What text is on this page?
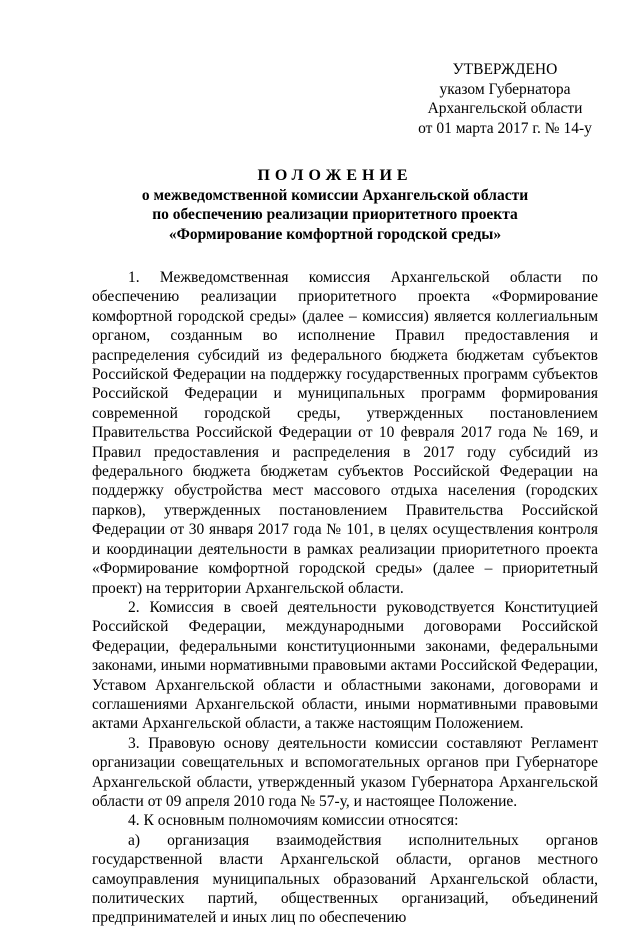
УТВЕРЖДЕНО
указом Губернатора
Архангельской области
от 01 марта 2017 г. № 14-у
ПОЛОЖЕНИЕ
о межведомственной комиссии Архангельской области
по обеспечению реализации приоритетного проекта
«Формирование комфортной городской среды»

1. Межведомственная комиссия Архангельской области по обеспечению реализации приоритетного проекта «Формирование комфортной городской среды» (далее – комиссия) является коллегиальным органом, созданным во исполнение Правил предоставления и распределения субсидий из федерального бюджета бюджетам субъектов Российской Федерации на поддержку государственных программ субъектов Российской Федерации и муниципальных программ формирования современной городской среды, утвержденных постановлением Правительства Российской Федерации от 10 февраля 2017 года № 169, и Правил предоставления и распределения в 2017 году субсидий из федерального бюджета бюджетам субъектов Российской Федерации на поддержку обустройства мест массового отдыха населения (городских парков), утвержденных постановлением Правительства Российской Федерации от 30 января 2017 года № 101, в целях осуществления контроля и координации деятельности в рамках реализации приоритетного проекта «Формирование комфортной городской среды» (далее – приоритетный проект) на территории Архангельской области.

2. Комиссия в своей деятельности руководствуется Конституцией Российской Федерации, международными договорами Российской Федерации, федеральными конституционными законами, федеральными законами, иными нормативными правовыми актами Российской Федерации, Уставом Архангельской области и областными законами, договорами и соглашениями Архангельской области, иными нормативными правовыми актами Архангельской области, а также настоящим Положением.

3. Правовую основу деятельности комиссии составляют Регламент организации совещательных и вспомогательных органов при Губернаторе Архангельской области, утвержденный указом Губернатора Архангельской области от 09 апреля 2010 года № 57-у, и настоящее Положение.

4. К основным полномочиям комиссии относятся:

а) организация взаимодействия исполнительных органов государственной власти Архангельской области, органов местного самоуправления муниципальных образований Архангельской области, политических партий, общественных организаций, объединений предпринимателей и иных лиц по обеспечению
